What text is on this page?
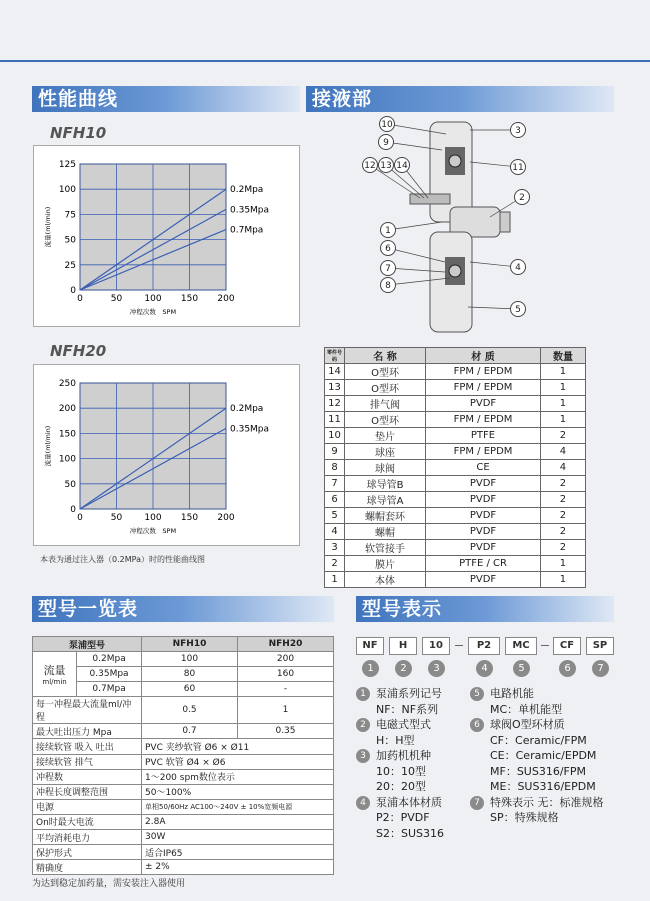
性能曲线	接液部
型号一览表	型号表示
NFH10
0	50 100 150 200
0
25
50
75
100
125
冲程次数　SPM
流量(ml/min)
0.2Mpa
0.35Mpa
0.7Mpa
NFH20
0	50 100 150 200
0
50
100
150
200
250
冲程次数　SPM
流量(ml/min)
0.2Mpa
0.35Mpa
本表为通过注入器（0.2MPa）时的性能曲线图
10
9
3
12 13 14	11
2
1
6
7
8
4
5
零件号码	名 称	材 质	数量
14	O型环	FPM / EPDM	1
13	O型环	FPM / EPDM	1
12	排气阀	PVDF	1
11	O型环	FPM / EPDM	1
10	垫片	PTFE	2
9	球座	FPM / EPDM	4
8	球阀	CE	4
7	球导管B	PVDF	2
6	球导管A	PVDF	2
5	螺帽套环	PVDF	2
4	螺帽	PVDF	2
3	软管接手	PVDF	2
2	膜片	PTFE / CR	1
1	本体	PVDF	1
泵浦型号		NFH10	NFH20

流量
ml/min	0.2Mpa	100	200
	0.35Mpa	80	160
	0.7Mpa	60	-
每一冲程最大流量ml/冲程		0.5	1
最大吐出压力 Mpa		0.7	0.35
接续软管 吸入 吐出		PVC 夹纱软管 Ø6 × Ø11	
接续软管 排气		PVC 软管 Ø4 × Ø6	
冲程数		1～200 spm数位表示	
冲程长度调整范围		50～100%	
电源		单相50/60Hz AC100～240V ± 10%宽频电源	
On时最大电流		2.8A	
平均消耗电力		30W	
保护形式		适合IP65	
精确度		± 2%	
为达到稳定加药量，需安装注入器使用
NF	H	10	P2	MC	CF	SP
1	2	3	4	5	6	7
1 泵浦系列记号
NF：NF系列
2 电磁式型式
H：H型
3 加药机机种
10：10型
20：20型
4 泵浦本体材质
P2：PVDF
S2：SUS316
5 电路机能
MC：单机能型
6 球阀O型环材质
CF：Ceramic/FPM
CE：Ceramic/EPDM
MF：SUS316/FPM
ME：SUS316/EPDM
7 特殊表示 无：标准规格
SP：特殊规格
